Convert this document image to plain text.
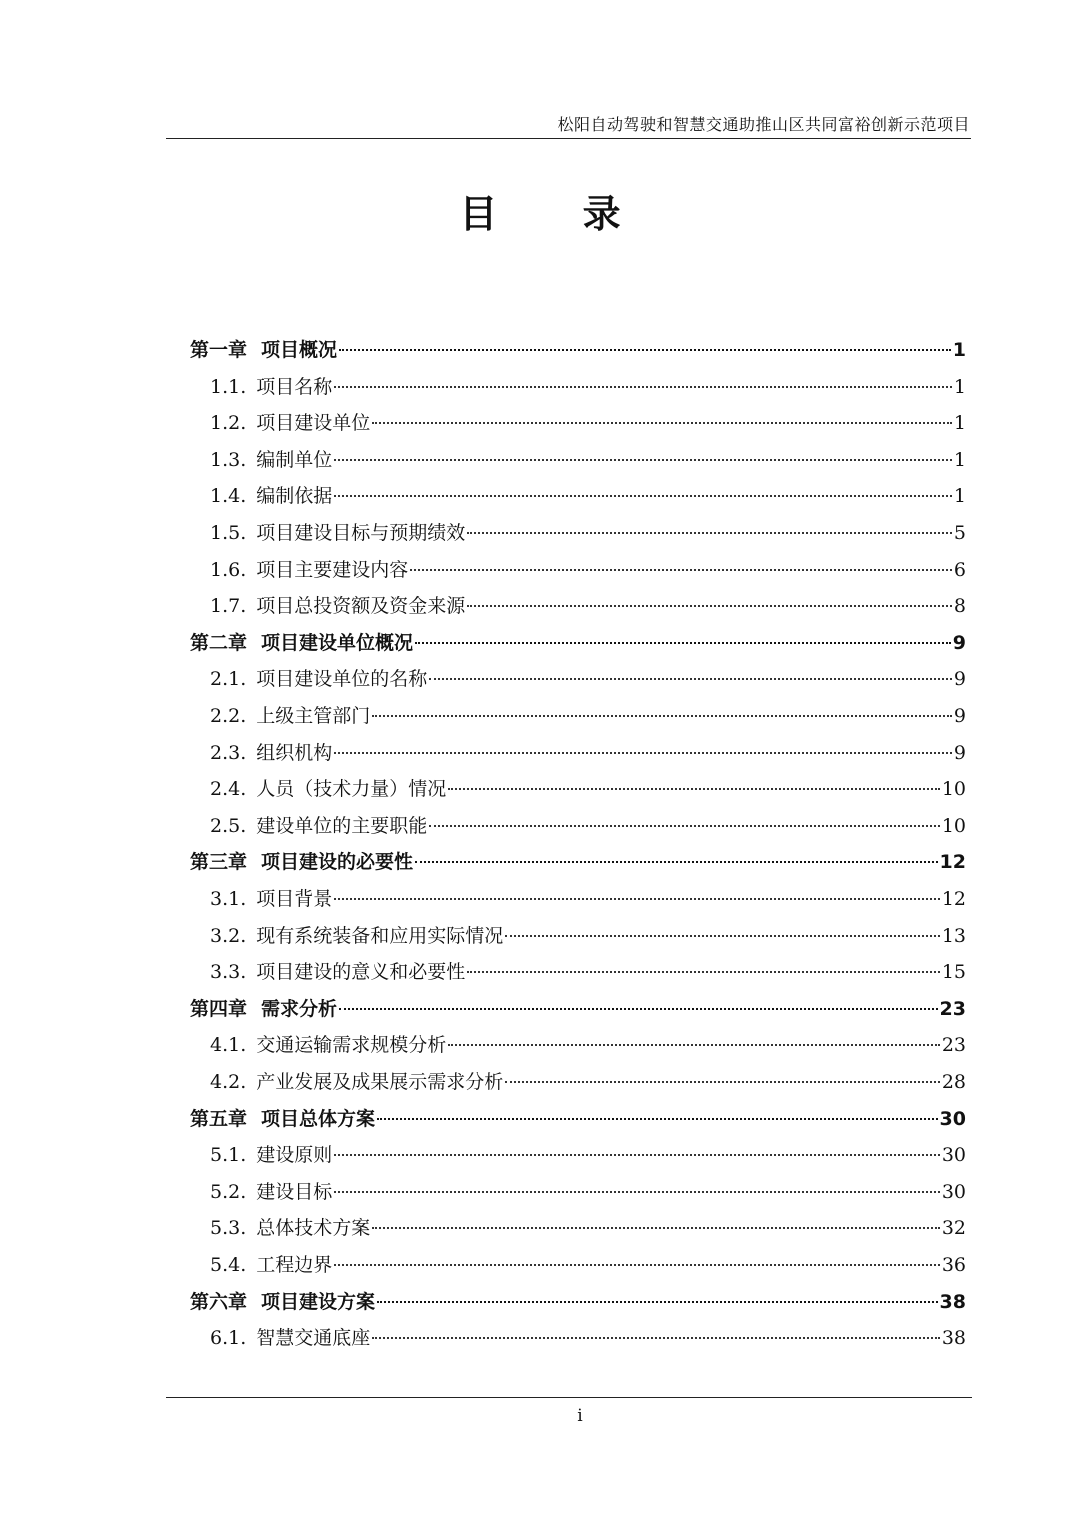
松阳自动驾驶和智慧交通助推山区共同富裕创新示范项目
目 录
第一章 项目概况	1
1.1. 项目名称	1
1.2. 项目建设单位	1
1.3. 编制单位	1
1.4. 编制依据	1
1.5. 项目建设目标与预期绩效	5
1.6. 项目主要建设内容	6
1.7. 项目总投资额及资金来源	8
第二章 项目建设单位概况	9
2.1. 项目建设单位的名称	9
2.2. 上级主管部门	9
2.3. 组织机构	9
2.4. 人员（技术力量）情况	10
2.5. 建设单位的主要职能	10
第三章 项目建设的必要性	12
3.1. 项目背景	12
3.2. 现有系统装备和应用实际情况	13
3.3. 项目建设的意义和必要性	15
第四章 需求分析	23
4.1. 交通运输需求规模分析	23
4.2. 产业发展及成果展示需求分析	28
第五章 项目总体方案	30
5.1. 建设原则	30
5.2. 建设目标	30
5.3. 总体技术方案	32
5.4. 工程边界	36
第六章 项目建设方案	38
6.1. 智慧交通底座	38
i
